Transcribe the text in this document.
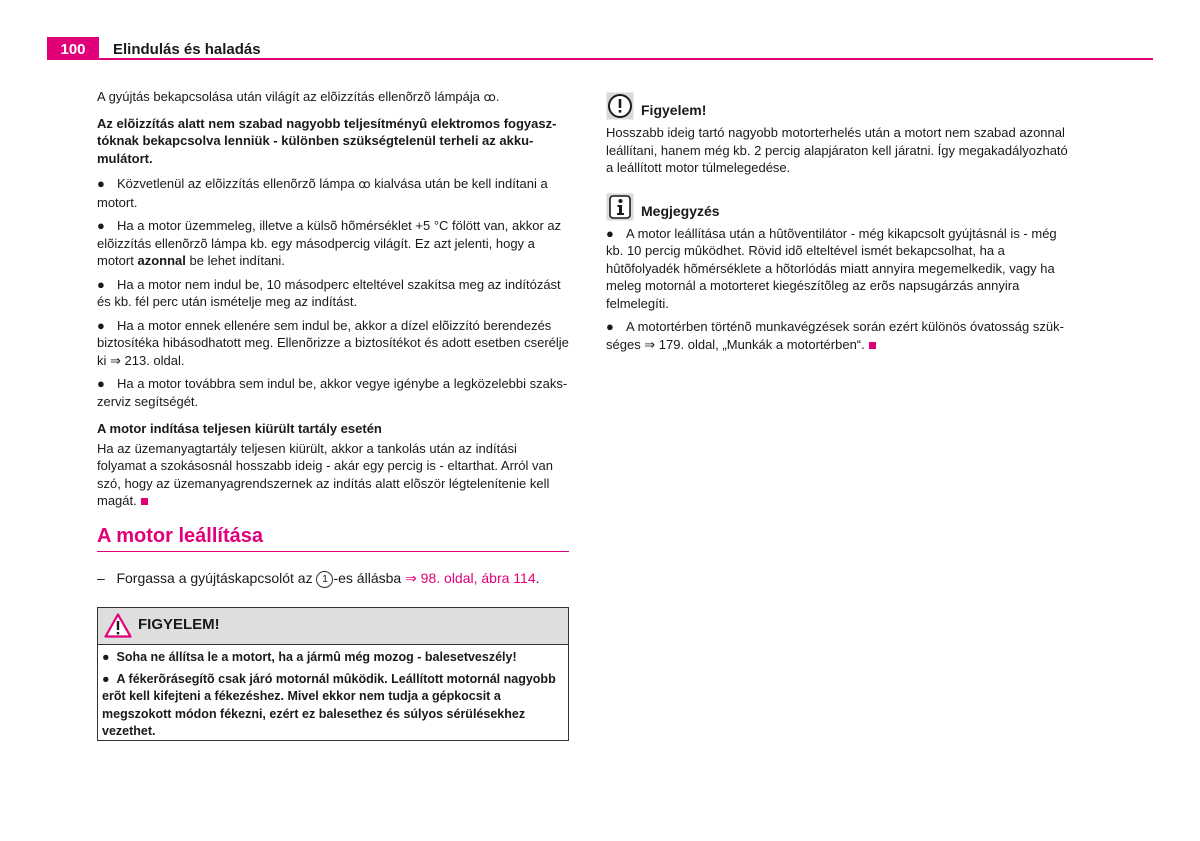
100	Elindulás és haladás

A gyújtás bekapcsolása után világít az elõizzítás ellenõrzõ lámpája ꝏ.

Az elõizzítás alatt nem szabad nagyobb teljesítményû elektromos fogyasz-tóknak bekapcsolva lenniük - különben szükségtelenül terheli az akku-mulátort.

● Közvetlenül az elõizzítás ellenõrzõ lámpa ꝏ kialvása után be kell indítani a motort.

● Ha a motor üzemmeleg, illetve a külsõ hõmérséklet +5 °C fölött van, akkor az elõizzítás ellenõrzõ lámpa kb. egy másodpercig világít. Ez azt jelenti, hogy a motort azonnal be lehet indítani.

● Ha a motor nem indul be, 10 másodperc elteltével szakítsa meg az indítózást és kb. fél perc után ismételje meg az indítást.

● Ha a motor ennek ellenére sem indul be, akkor a dízel elõizzító berendezés biztosítéka hibásodhatott meg. Ellenõrizze a biztosítékot és adott esetben cserélje ki ⇒ 213. oldal.

● Ha a motor továbbra sem indul be, akkor vegye igénybe a legközelebbi szaks-zerviz segítségét.

A motor indítása teljesen kiürült tartály esetén

Ha az üzemanyagtartály teljesen kiürült, akkor a tankolás után az indítási folyamat a szokásosnál hosszabb ideig - akár egy percig is - eltarthat. Arról van szó, hogy az üzemanyagrendszernek az indítás alatt elõször légtelenítenie kell magát.

A motor leállítása
– Forgassa a gyújtáskapcsolót az 1 -es állásba ⇒ 98. oldal, ábra 114.
FIGYELEM!

●  Soha ne állítsa le a motort, ha a jármû még mozog - balesetveszély!

●  A fékerõrásegítõ csak járó motornál mûködik. Leállított motornál nagyobb erõt kell kifejteni a fékezéshez. Mivel ekkor nem tudja a gépkocsit a megszokott módon fékezni, ezért ez balesethez és súlyos sérülésekhez vezethet.

Figyelem!

Hosszabb ideig tartó nagyobb motorterhelés után a motort nem szabad azonnal leállítani, hanem még kb. 2 percig alapjáraton kell járatni. Így megakadályozható a leállított motor túlmelegedése.

Megjegyzés

● A motor leállítása után a hûtõventilátor - még kikapcsolt gyújtásnál is - még kb. 10 percig mûködhet. Rövid idõ elteltével ismét bekapcsolhat, ha a hûtõfolyadék hõmérséklete a hõtorlódás miatt annyira megemelkedik, vagy ha meleg motornál a motorteret kiegészítõleg az erõs napsugárzás annyira felmelegíti.

● A motortérben történõ munkavégzések során ezért különös óvatosság szük-séges ⇒ 179. oldal, „Munkák a motortérben“.
